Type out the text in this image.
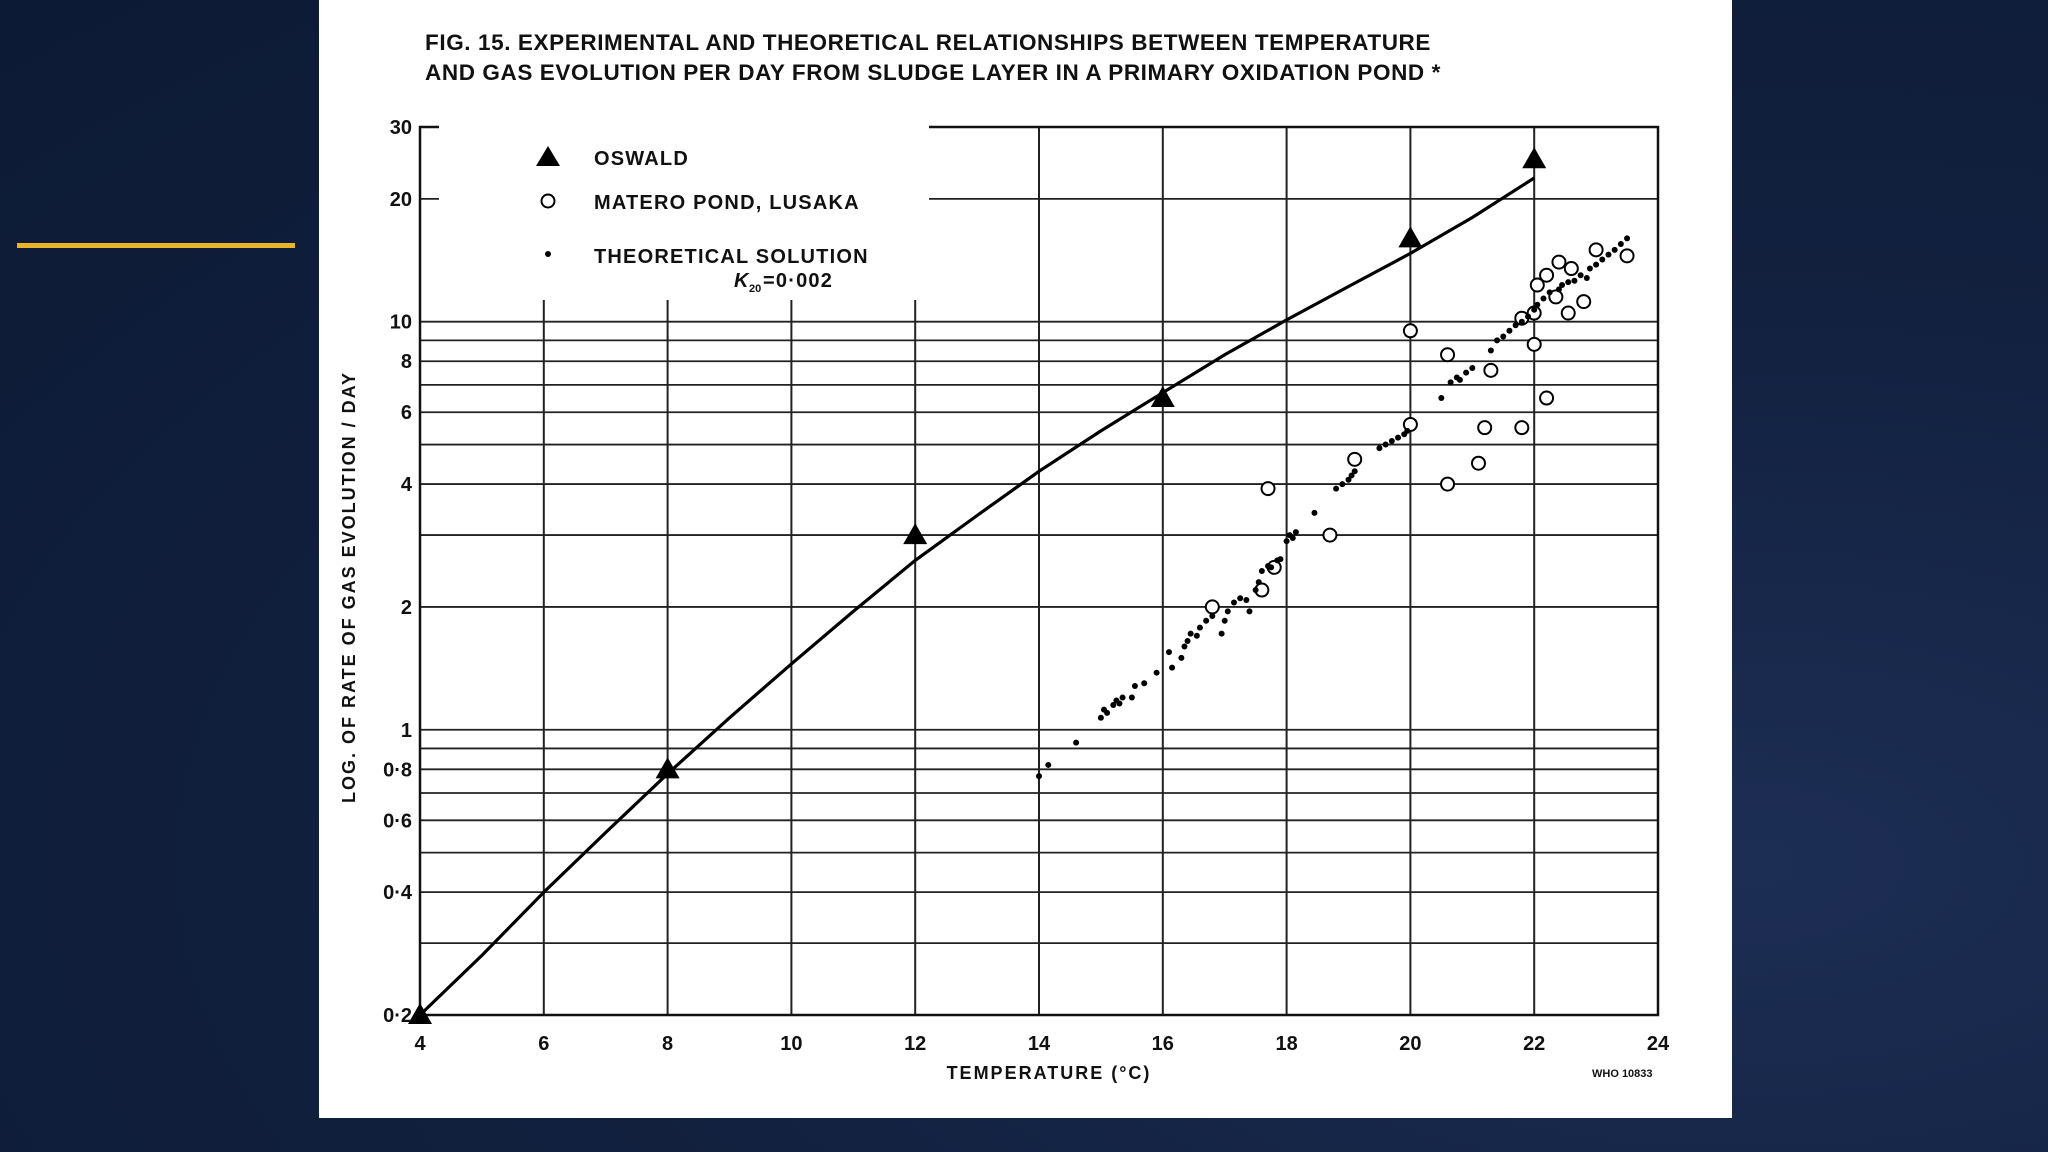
FIG. 15. EXPERIMENTAL AND THEORETICAL RELATIONSHIPS BETWEEN TEMPERATURE
AND GAS EVOLUTION PER DAY FROM SLUDGE LAYER IN A PRIMARY OXIDATION POND *
4	6	8	10	12	14	16	18	20	22	24
0·2
0·4
0·6
0·8
1
2
4
6
8
10
20
30
OSWALD
MATERO POND, LUSAKA
THEORETICAL SOLUTION
K 20 =0·002
TEMPERATURE (°C)
LOG. OF RATE OF GAS EVOLUTION / DAY
WHO 10833
